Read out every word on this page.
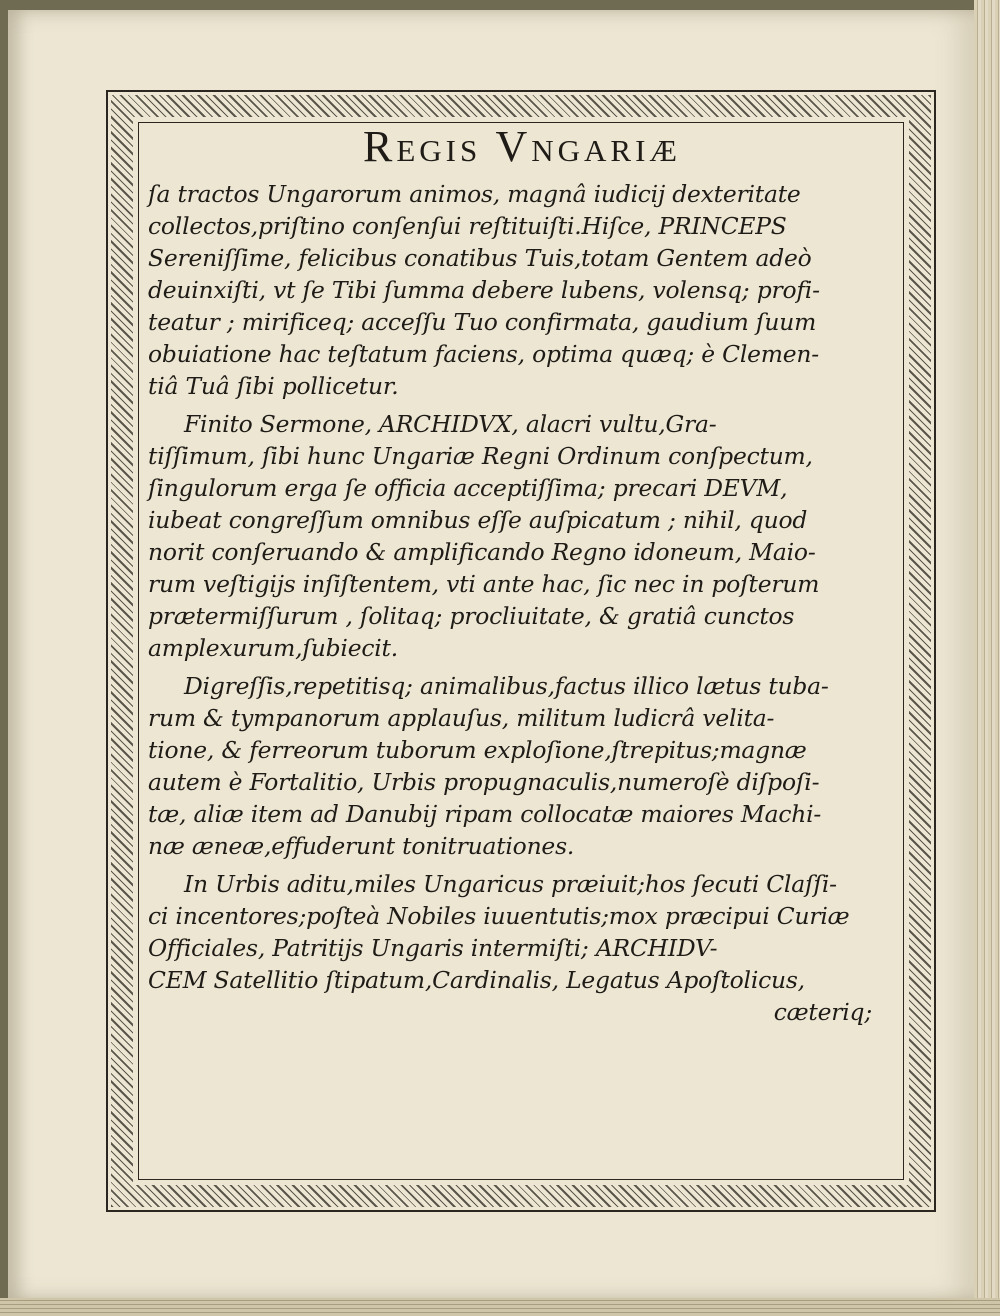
Regis Vngariæ

ſa tractos Ungarorum animos, magnâ iudicij dexteritate

collectos,priſtino conſenſui reſtituiſti.Hiſce, PRINCEPS

Sereniſſime, felicibus conatibus Tuis,totam Gentem adeò

deuinxiſti, vt ſe Tibi ſumma debere lubens, volensq; profi-

teatur ; mirificeq; acceſſu Tuo confirmata, gaudium ſuum

obuiatione hac teſtatum faciens, optima quæq; è Clemen-

tiâ Tuâ ſibi pollicetur.

Finito Sermone, ARCHIDVX, alacri vultu,Gra-

tiſſimum, ſibi hunc Ungariæ Regni Ordinum conſpectum,

ſingulorum erga ſe officia acceptiſſima; precari DEVM,

iubeat congreſſum omnibus eſſe auſpicatum ; nihil, quod

norit conſeruando & amplificando Regno idoneum, Maio-

rum veſtigijs inſiſtentem, vti ante hac, ſic nec in poſterum

prætermiſſurum , ſolitaq; procliuitate, & gratiâ cunctos

amplexurum,ſubiecit.

Digreſſis,repetitisq; animalibus,factus illico lætus tuba-

rum & tympanorum applauſus, militum ludicrâ velita-

tione, & ferreorum tuborum exploſione,ſtrepitus;magnæ

autem è Fortalitio, Urbis propugnaculis,numeroſè diſpoſi-

tæ, aliæ item ad Danubij ripam collocatæ maiores Machi-

næ æneæ,effuderunt tonitruationes.

In Urbis aditu,miles Ungaricus præiuit;hos ſecuti Claſſi-

ci incentores;poſteà Nobiles iuuentutis;mox præcipui Curiæ

Officiales, Patritijs Ungaris intermiſti; ARCHIDV-

CEM Satellitio ſtipatum,Cardinalis, Legatus Apoſtolicus,

cæteriq;
